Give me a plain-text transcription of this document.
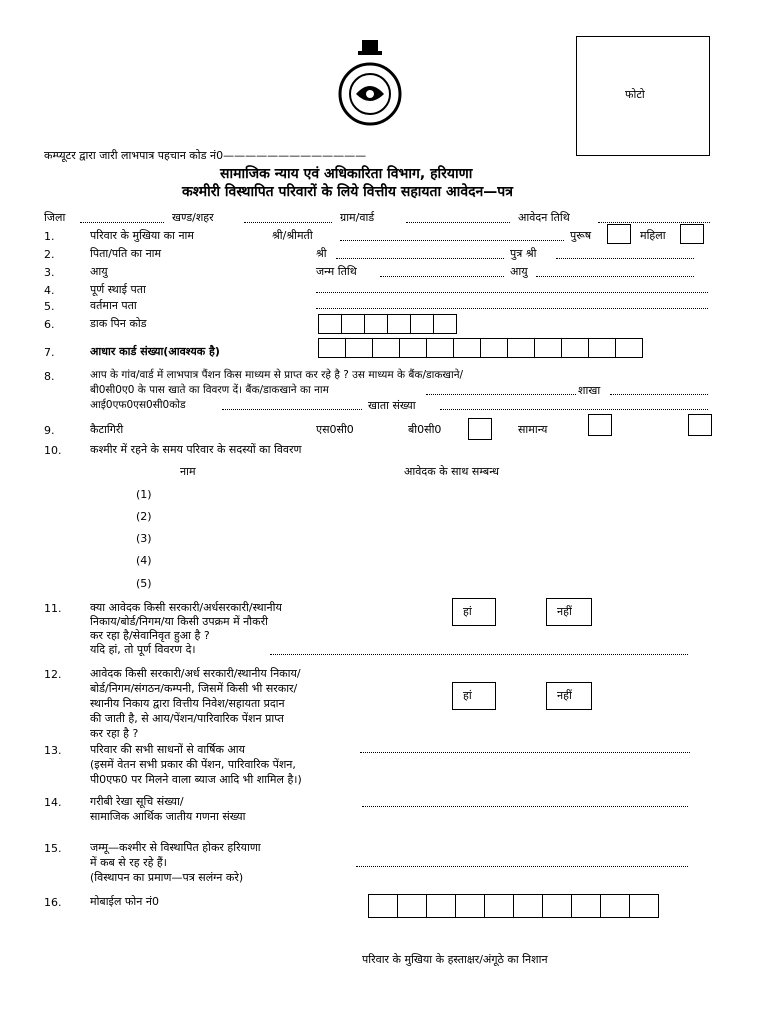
फोटो
कम्प्यूटर द्वारा जारी लाभपात्र पहचान कोड नं0—————————————
सामाजिक न्याय एवं अधिकारिता विभाग, हरियाणा
कश्मीरी विस्थापित परिवारों के लिये वित्तीय सहायता आवेदन—पत्र
जिला	खण्ड/शहर	ग्राम/वार्ड	आवेदन तिथि
1.	परिवार के मुखिया का नाम	श्री/श्रीमती	पुरूष	महिला
2.	पिता/पति का नाम	श्री	पुत्र श्री
3.	आयु	जन्म तिथि	आयु
4.	पूर्ण स्थाई पता
5.	वर्तमान पता
6.	डाक पिन कोड
7.	आधार कार्ड संख्या(आवश्यक है)
8.	आप के गांव/वार्ड में लाभपात्र पैंशन किस माध्यम से प्राप्त कर रहे है ? उस माध्यम के बैंक/डाकखाने/
बी0सी0ए0 के पास खाते का विवरण दें। बैंक/डाकखाने का नाम	शाखा
आई0एफ0एस0सी0कोड	खाता संख्या
9.	कैटागिरी	एस0सी0	बी0सी0	सामान्य
10.	कश्मीर में रहने के समय परिवार के सदस्यों का विवरण
नाम	आवेदक के साथ सम्बन्ध
(1)
(2)
(3)
(4)
(5)
11.	क्या आवेदक किसी सरकारी/अर्धसरकारी/स्थानीय
निकाय/बोर्ड/निगम/या किसी उपक्रम में नौकरी
कर रहा है/सेवानिवृत हुआ है ?
यदि हां, तो पूर्ण विवरण दे।
हां	नहीं
12.	आवेदक किसी सरकारी/अर्ध सरकारी/स्थानीय निकाय/
बोर्ड/निगम/संगठन/कम्पनी, जिसमें किसी भी सरकार/
स्थानीय निकाय द्वारा वित्तीय निवेश/सहायता प्रदान
की जाती है, से आय/पेंशन/पारिवारिक पेंशन प्राप्त
कर रहा है ?
हां	नहीं
13.	परिवार की सभी साधनों से वार्षिक आय
(इसमें वेतन सभी प्रकार की पेंशन, पारिवारिक पेंशन,
पी0एफ0 पर मिलने वाला ब्याज आदि भी शामिल है।)
14.	गरीबी रेखा सूचि संख्या/
सामाजिक आर्थिक जातीय गणना संख्या
15.	जम्मू—कश्मीर से विस्थापित होकर हरियाणा
में कब से रह रहे हैं।
(विस्थापन का प्रमाण—पत्र सलंग्न करे)
16.	मोबाईल फोन नं0
परिवार के मुखिया के हस्ताक्षर/अंगूठे का निशान
